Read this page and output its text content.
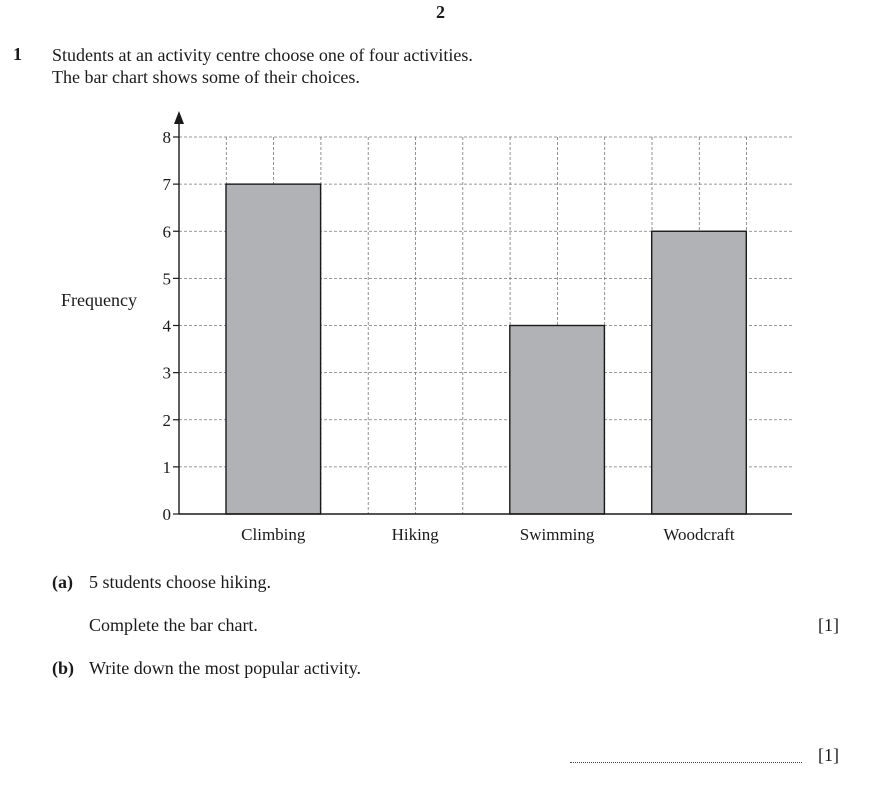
2
1 Students at an activity centre choose one of four activities.
The bar chart shows some of their choices.
Frequency
Climbing	Hiking	Swimming	Woodcraft
0
1
2
3
4
5
6
7
8
(a) 5 students choose hiking.
Complete the bar chart.	[1]
(b) Write down the most popular activity.
[1]
